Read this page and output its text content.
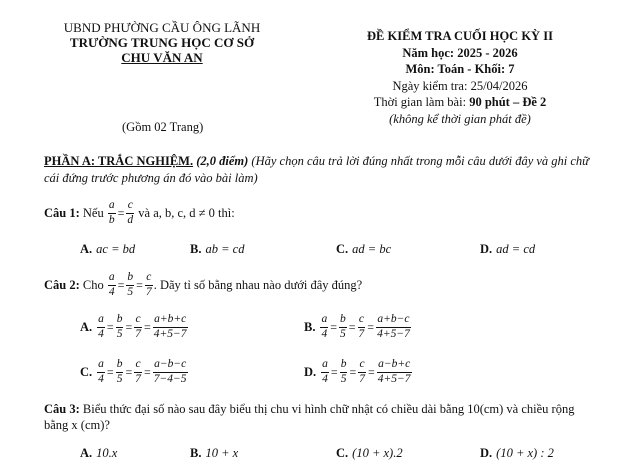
UBND PHƯỜNG CẦU ÔNG LÃNH
TRƯỜNG TRUNG HỌC CƠ SỞ
CHU VĂN AN
(Gồm 02 Trang)
ĐỀ KIỂM TRA CUỐI HỌC KỲ II
Năm học: 2025 - 2026
Môn: Toán - Khối: 7
Ngày kiểm tra: 25/04/2026
Thời gian làm bài: 90 phút – Đề 2
(không kể thời gian phát đề)
PHẦN A: TRẮC NGHIỆM. (2,0 điểm) (Hãy chọn câu trả lời đúng nhất trong mỗi câu dưới đây và ghi chữ
cái đứng trước phương án đó vào bài làm)
Câu 1:
Nếu
$\frac{a}{b} = \frac{c}{d}$
và a, b, c, d ≠ 0 thì:
A. ac = bd	B. ab = cd	C. ad = bc	D. ad = cd
Câu 2:
Cho
$\frac{a}{4} = \frac{b}{5} = \frac{c}{7}$ . Dãy tỉ số bằng nhau nào dưới đây đúng?
A. $\frac{a}{4} = \frac{b}{5} = \frac{c}{7} = \frac{a+b+c}{4+5-7}$	B. $\frac{a}{4} = \frac{b}{5} = \frac{c}{7} = \frac{a+b-c}{4+5-7}$
C. $\frac{a}{4} = \frac{b}{5} = \frac{c}{7} = \frac{a-b-c}{7-4-5}$	D. $\frac{a}{4} = \frac{b}{5} = \frac{c}{7} = \frac{a-b+c}{4+5-7}$
Câu 3: Biểu thức đại số nào sau đây biểu thị chu vi hình chữ nhật có chiều dài bằng 10(cm) và chiều rộng
bằng x (cm)?
A. 10.x	B. 10 + x	C. (10 + x).2	D. (10 + x) : 2
